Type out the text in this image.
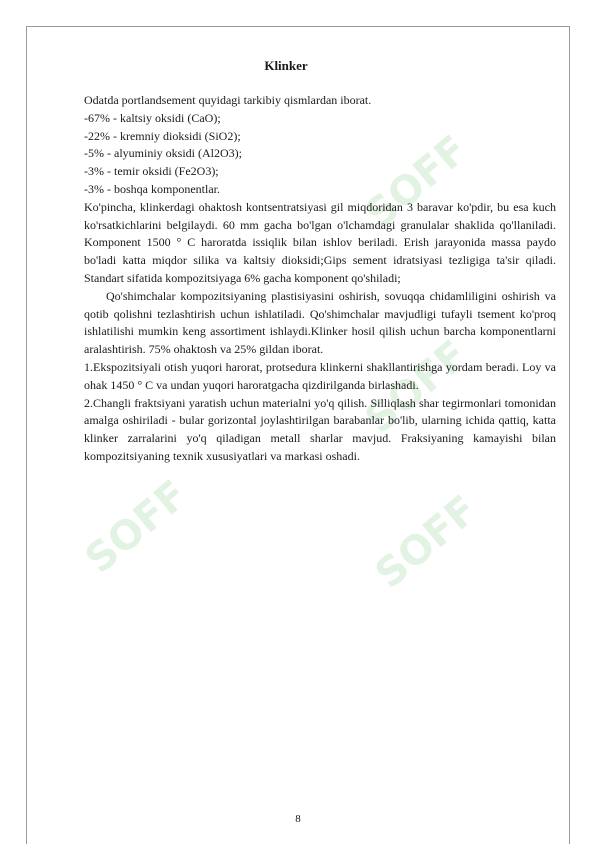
SOFF
SOFF
SOFF
SOFF
Klinker

Odatda portlandsement quyidagi tarkibiy qismlardan iborat.

-67% - kaltsiy oksidi (CaO);

-22% - kremniy dioksidi (SiO2);

-5% - alyuminiy oksidi (Al2O3);

-3% - temir oksidi (Fe2O3);

-3% - boshqa komponentlar.

Ko'pincha, klinkerdagi ohaktosh kontsentratsiyasi gil miqdoridan 3 baravar ko'pdir, bu esa kuch ko'rsatkichlarini belgilaydi. 60 mm gacha bo'lgan o'lchamdagi granulalar shaklida qo'llaniladi. Komponent 1500 ° C haroratda issiqlik bilan ishlov beriladi. Erish jarayonida massa paydo bo'ladi katta miqdor silika va kaltsiy dioksidi;Gips sement idratsiyasi tezligiga ta'sir qiladi. Standart sifatida kompozitsiyaga 6% gacha komponent qo'shiladi;

Qo'shimchalar kompozitsiyaning plastisiyasini oshirish, sovuqqa chidamliligini oshirish va qotib qolishni tezlashtirish uchun ishlatiladi. Qo'shimchalar mavjudligi tufayli tsement ko'proq ishlatilishi mumkin keng assortiment ishlaydi.Klinker hosil qilish uchun barcha komponentlarni aralashtirish. 75% ohaktosh va 25% gildan iborat.

1.Ekspozitsiyali otish yuqori harorat, protsedura klinkerni shakllantirishga yordam beradi. Loy va ohak 1450 ° C va undan yuqori haroratgacha qizdirilganda birlashadi.

2.Changli fraktsiyani yaratish uchun materialni yo'q qilish. Silliqlash shar tegirmonlari tomonidan amalga oshiriladi - bular gorizontal joylashtirilgan barabanlar bo'lib, ularning ichida qattiq, katta klinker zarralarini yo'q qiladigan metall sharlar mavjud. Fraksiyaning kamayishi bilan kompozitsiyaning texnik xususiyatlari va markasi oshadi.

8
